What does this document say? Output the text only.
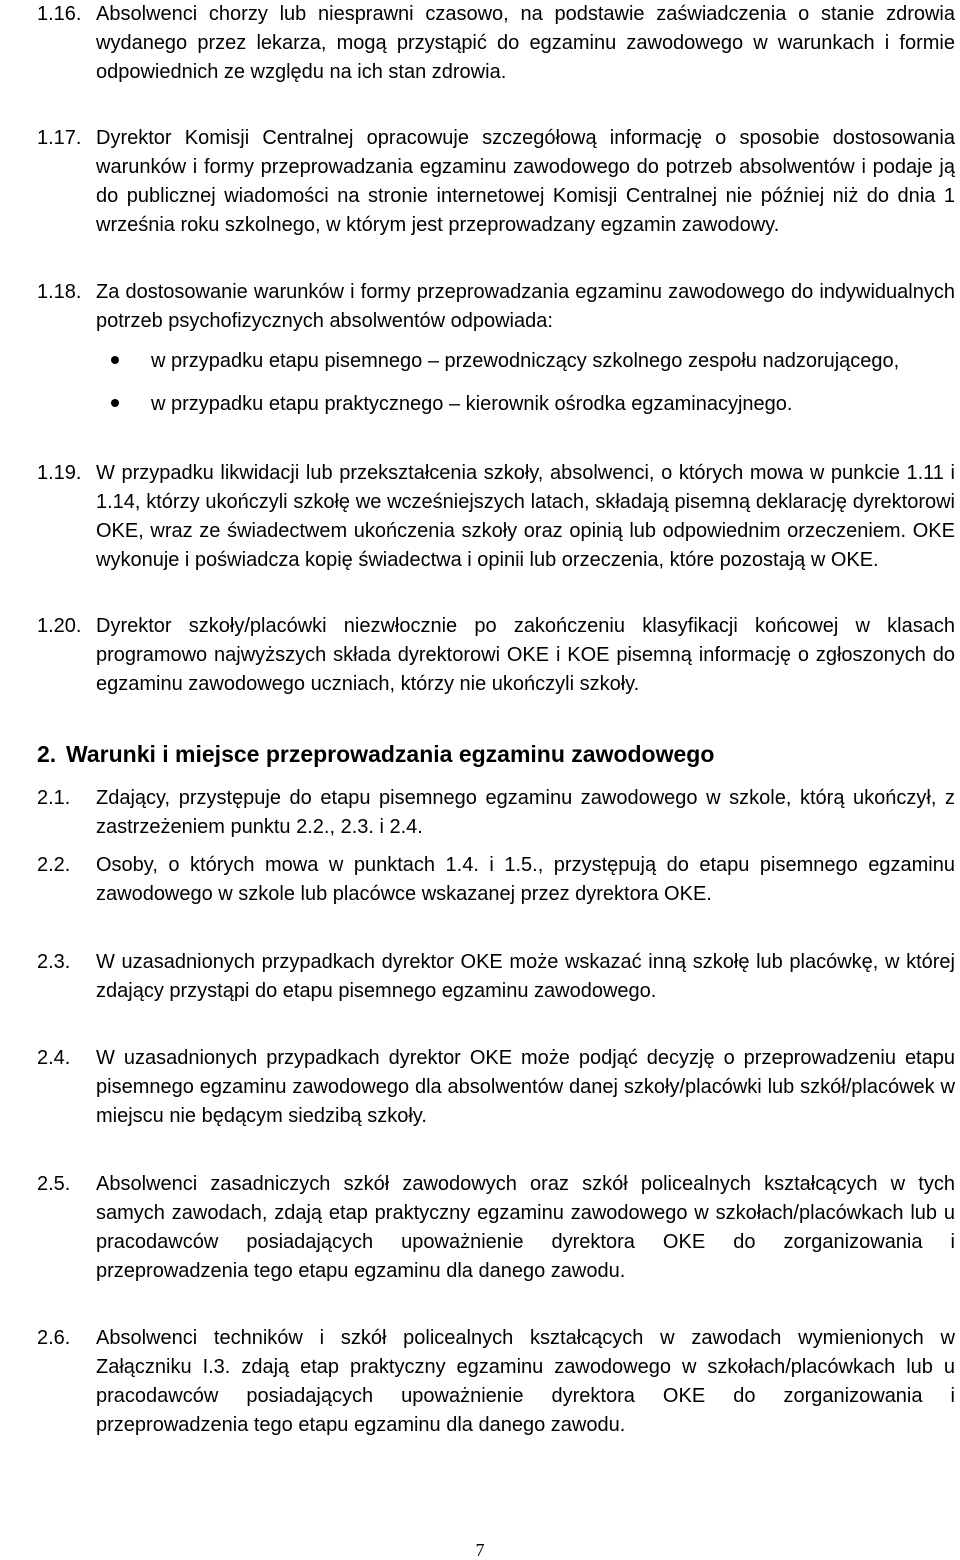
1.16. Absolwenci chorzy lub niesprawni czasowo, na podstawie zaświadczenia o stanie zdrowia wydanego przez lekarza, mogą przystąpić do egzaminu zawodowego w warunkach i formie odpowiednich ze względu na ich stan zdrowia.
1.17. Dyrektor Komisji Centralnej opracowuje szczegółową informację o sposobie dostosowania warunków i formy przeprowadzania egzaminu zawodowego do potrzeb absolwentów i podaje ją do publicznej wiadomości na stronie internetowej Komisji Centralnej nie później niż do dnia 1 września roku szkolnego, w którym jest przeprowadzany egzamin zawodowy.
1.18. Za dostosowanie warunków i formy przeprowadzania egzaminu zawodowego do indywidualnych potrzeb psychofizycznych absolwentów odpowiada:
w przypadku etapu pisemnego – przewodniczący szkolnego zespołu nadzorującego,
w przypadku etapu praktycznego – kierownik ośrodka egzaminacyjnego.
1.19. W przypadku likwidacji lub przekształcenia szkoły, absolwenci, o których mowa w punkcie 1.11 i 1.14, którzy ukończyli szkołę we wcześniejszych latach, składają pisemną deklarację dyrektorowi OKE, wraz ze świadectwem ukończenia szkoły oraz opinią lub odpowiednim orzeczeniem. OKE wykonuje i poświadcza kopię świadectwa i opinii lub orzeczenia, które pozostają w OKE.
1.20. Dyrektor szkoły/placówki niezwłocznie po zakończeniu klasyfikacji końcowej w klasach programowo najwyższych składa dyrektorowi OKE i KOE pisemną informację o zgłoszonych do egzaminu zawodowego uczniach, którzy nie ukończyli szkoły.
2. Warunki i miejsce przeprowadzania egzaminu zawodowego
2.1.	Zdający, przystępuje do etapu pisemnego egzaminu zawodowego w szkole, którą ukończył, z zastrzeżeniem punktu 2.2., 2.3. i 2.4.
2.2.	Osoby, o których mowa w punktach 1.4. i 1.5., przystępują do etapu pisemnego egzaminu zawodowego w szkole lub placówce wskazanej przez dyrektora OKE.
2.3.	W uzasadnionych przypadkach dyrektor OKE może wskazać inną szkołę lub placówkę, w której zdający przystąpi do etapu pisemnego egzaminu zawodowego.
2.4.	W uzasadnionych przypadkach dyrektor OKE może podjąć decyzję o przeprowadzeniu etapu pisemnego egzaminu zawodowego dla absolwentów danej szkoły/placówki lub szkół/placówek w miejscu nie będącym siedzibą szkoły.
2.5.	Absolwenci zasadniczych szkół zawodowych oraz szkół policealnych kształcących w tych samych zawodach, zdają etap praktyczny egzaminu zawodowego w szkołach/placówkach lub u pracodawców posiadających upoważnienie dyrektora OKE do zorganizowania i przeprowadzenia tego etapu egzaminu dla danego zawodu.
2.6.	Absolwenci techników i szkół policealnych kształcących w zawodach wymienionych w Załączniku I.3. zdają etap praktyczny egzaminu zawodowego w szkołach/placówkach lub u pracodawców posiadających upoważnienie dyrektora OKE do zorganizowania i przeprowadzenia tego etapu egzaminu dla danego zawodu.
7
